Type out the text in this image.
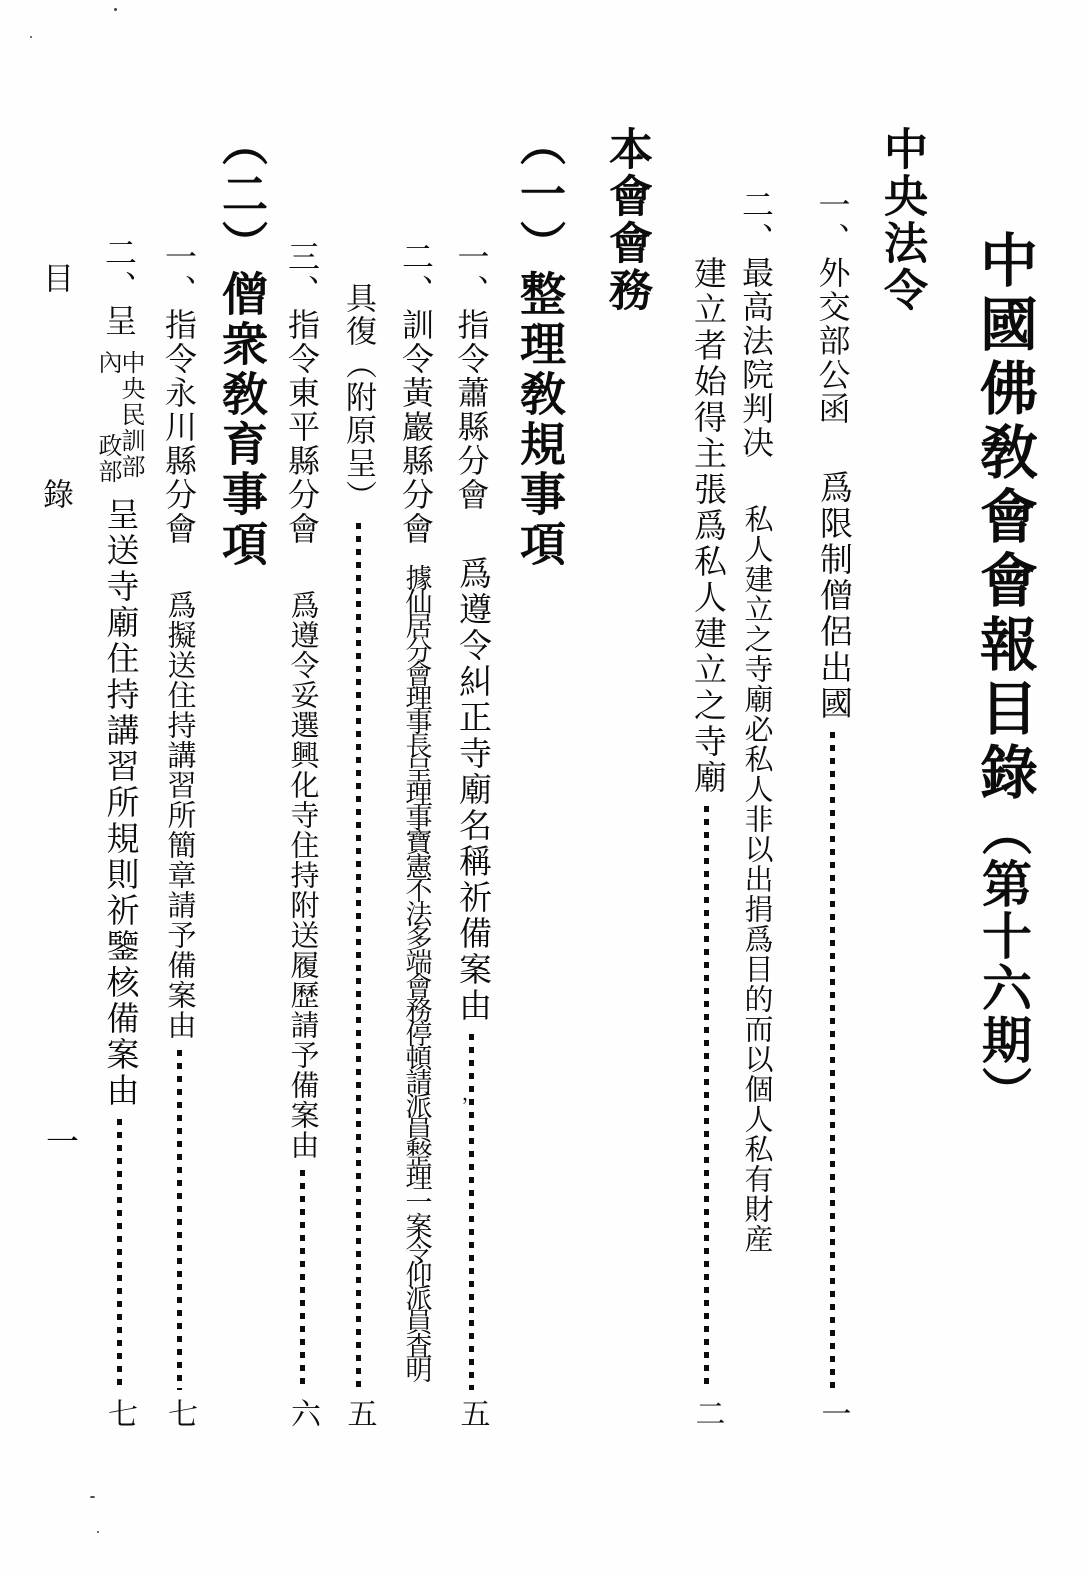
中國佛敎會會報目錄（第十六期）
中央法令
一、外交部公函
爲限制僧侶出國
一
二、最高法院判决
私人建立之寺廟必私人非以出捐爲目的而以個人私有財産
建立者始得主張爲私人建立之寺廟
二
本會會務
（一）整理敎規事項
一、指令蕭縣分會
爲遵令糾正寺廟名稱祈備案由
五
二、訓令黃巖縣分會
據仙居分會理事長呈理事寶憲不法多端會務停頓請派員整理一案令仰派員査明
具復（附原呈）
五
三、指令東平縣分會
爲遵令妥選興化寺住持附送履歷請予備案由
六
（二）僧衆敎育事項
一、指令永川縣分會
爲擬送住持講習所簡章請予備案由
七
二、呈
中央民訓部
內
政部
呈送寺廟住持講習所規則祈鑒核備案由
七
目
錄
一
，
